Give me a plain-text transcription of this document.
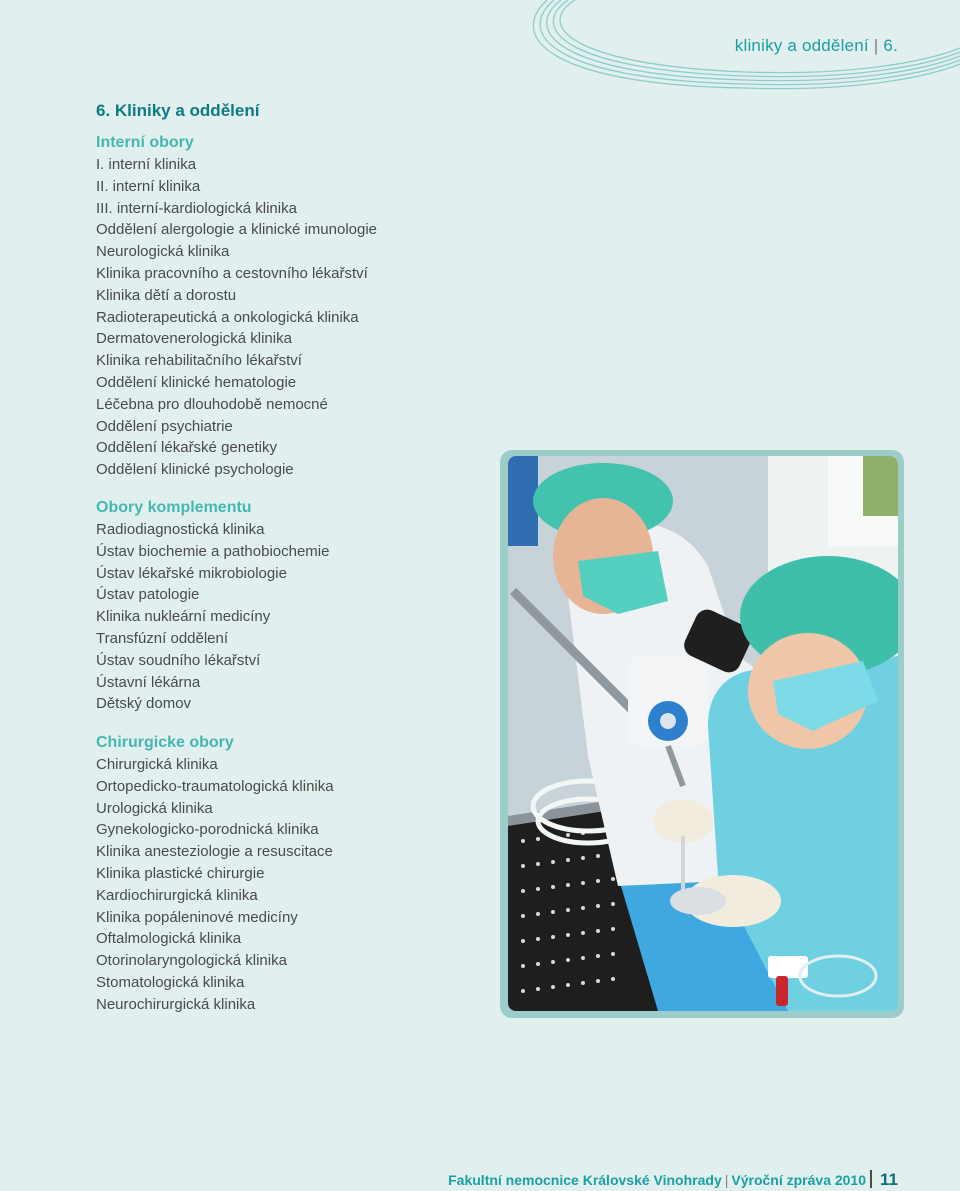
kliniky a oddělení | 6.
6. Kliniky a oddělení
Interní obory
I. interní klinika
II. interní klinika
III. interní-kardiologická klinika
Oddělení alergologie a klinické imunologie
Neurologická klinika
Klinika pracovního a cestovního lékařství
Klinika dětí a dorostu
Radioterapeutická a onkologická klinika
Dermatovenerologická klinika
Klinika rehabilitačního lékařství
Oddělení klinické hematologie
Léčebna pro dlouhodobě nemocné
Oddělení psychiatrie
Oddělení lékařské genetiky
Oddělení klinické psychologie
Obory komplementu
Radiodiagnostická klinika
Ústav biochemie a pathobiochemie
Ústav lékařské mikrobiologie
Ústav patologie
Klinika nukleární medicíny
Transfúzní oddělení
Ústav soudního lékařství
Ústavní lékárna
Dětský domov
Chirurgicke obory
Chirurgická klinika
Ortopedicko-traumatologická klinika
Urologická klinika
Gynekologicko-porodnická klinika
Klinika anesteziologie a resuscitace
Klinika plastické chirurgie
Kardiochirurgická klinika
Klinika popáleninové medicíny
Oftalmologická klinika
Otorinolaryngologická klinika
Stomatologická klinika
Neurochirurgická klinika
Fakultní nemocnice Královské Vinohrady | Výroční zpráva 2010 11
